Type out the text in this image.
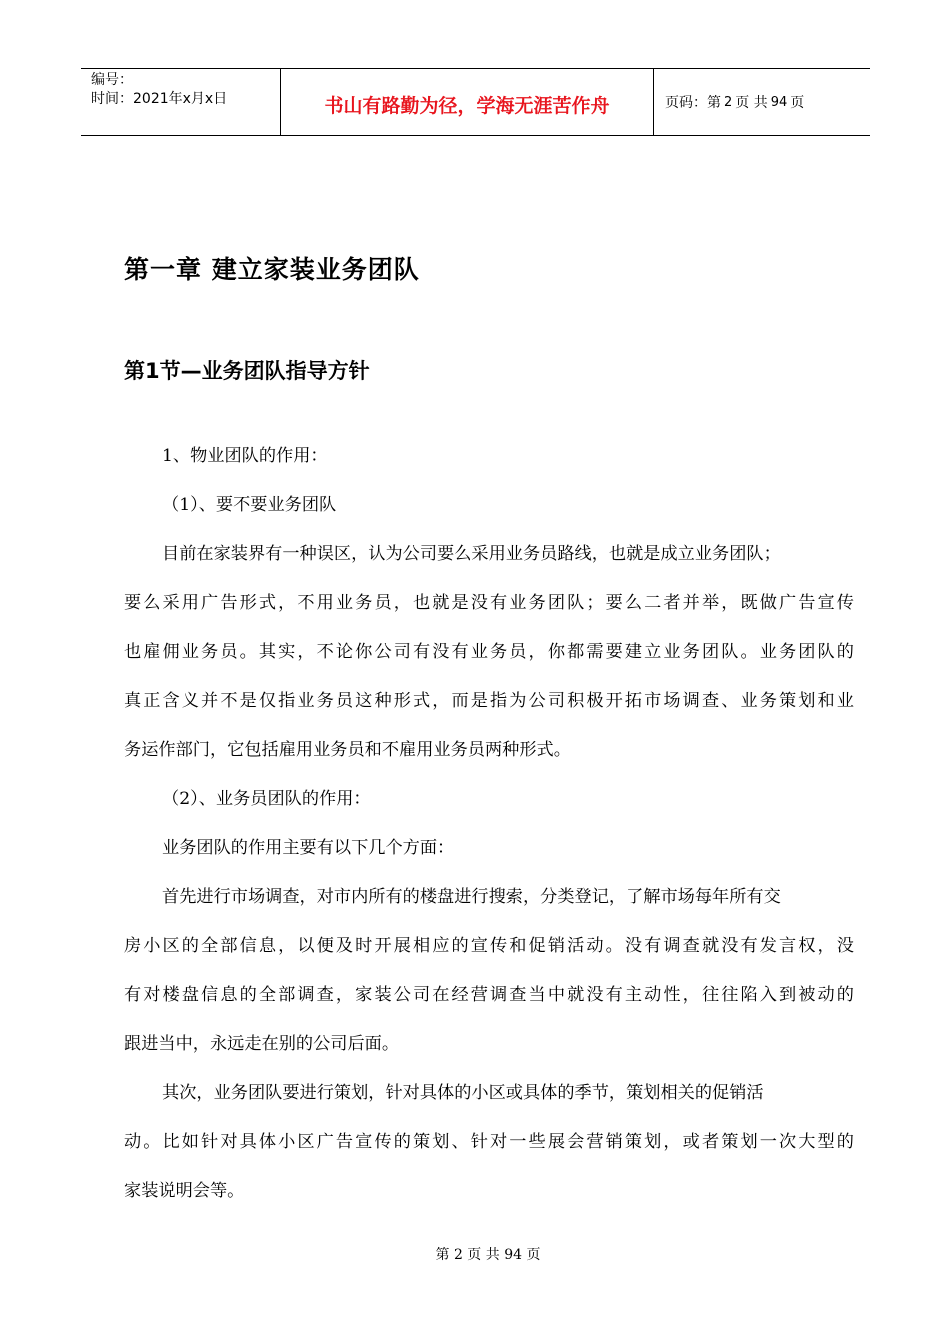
编号：
时间：2021年x月x日	书山有路勤为径，学海无涯苦作舟	页码：第 2 页 共 94 页
第一章 建立家装业务团队
第1节—业务团队指导方针
1、物业团队的作用：
（1）、要不要业务团队
目前在家装界有一种误区，认为公司要么采用业务员路线，也就是成立业务团队；
要么采用广告形式，不用业务员，也就是没有业务团队；要么二者并举，既做广告宣传
也雇佣业务员。其实，不论你公司有没有业务员，你都需要建立业务团队。业务团队的
真正含义并不是仅指业务员这种形式，而是指为公司积极开拓市场调查、业务策划和业
务运作部门，它包括雇用业务员和不雇用业务员两种形式。
（2）、业务员团队的作用：
业务团队的作用主要有以下几个方面：
首先进行市场调查，对市内所有的楼盘进行搜索，分类登记，了解市场每年所有交
房小区的全部信息，以便及时开展相应的宣传和促销活动。没有调查就没有发言权，没
有对楼盘信息的全部调查，家装公司在经营调查当中就没有主动性，往往陷入到被动的
跟进当中，永远走在别的公司后面。
其次，业务团队要进行策划，针对具体的小区或具体的季节，策划相关的促销活
动。比如针对具体小区广告宣传的策划、针对一些展会营销策划，或者策划一次大型的
家装说明会等。
第 2 页 共 94 页
